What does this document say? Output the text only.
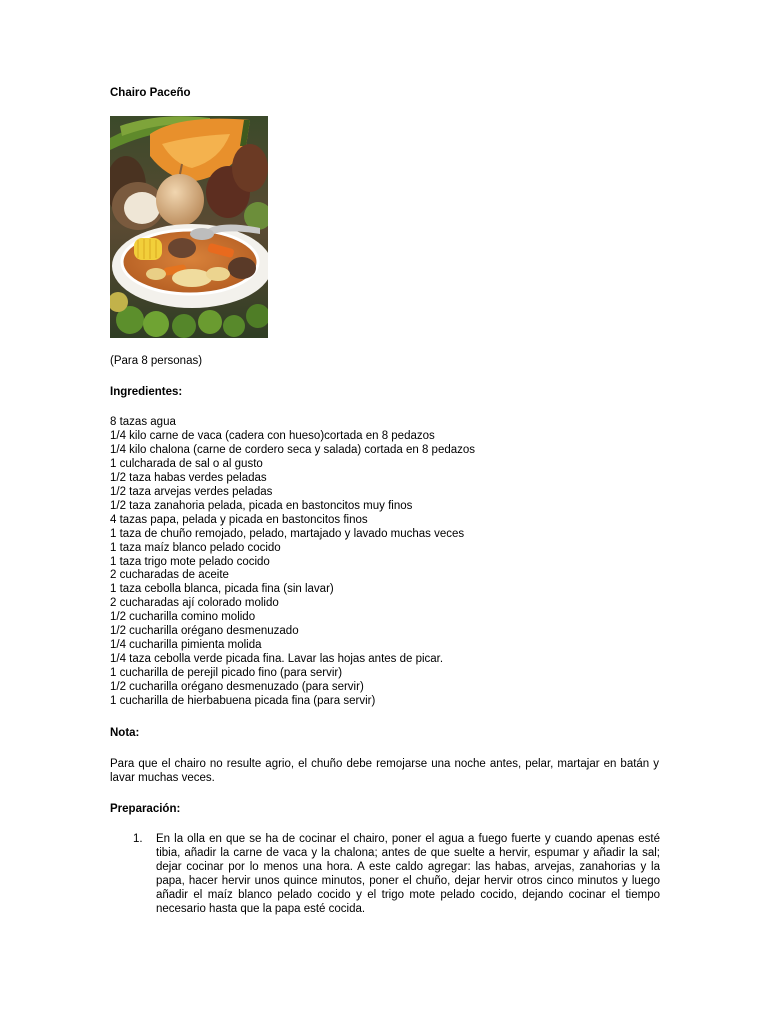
Chairo Paceño
(Para 8 personas)
Ingredientes:
8 tazas agua
1/4 kilo carne de vaca (cadera con hueso)cortada en 8 pedazos
1/4 kilo chalona (carne de cordero seca y salada) cortada en 8 pedazos
1 culcharada de sal o al gusto
1/2 taza habas verdes peladas
1/2 taza arvejas verdes peladas
1/2 taza zanahoria pelada, picada en bastoncitos muy finos
4 tazas papa, pelada y picada en bastoncitos finos
1 taza de chuño remojado, pelado, martajado y lavado muchas veces
1 taza maíz blanco pelado cocido
1 taza trigo mote pelado cocido
2 cucharadas de aceite
1 taza cebolla blanca, picada fina (sin lavar)
2 cucharadas ají colorado molido
1/2 cucharilla comino molido
1/2 cucharilla orégano desmenuzado
1/4 cucharilla pimienta molida
1/4 taza cebolla verde picada fina. Lavar las hojas antes de picar.
1 cucharilla de perejil picado fino (para servir)
1/2 cucharilla orégano desmenuzado (para servir)
1 cucharilla de hierbabuena picada fina (para servir)
Nota:

Para que el chairo no resulte agrio, el chuño debe remojarse una noche antes, pelar, martajar en batán y lavar muchas veces.

Preparación:
1. En la olla en que se ha de cocinar el chairo, poner el agua a fuego fuerte y cuando apenas esté tibia, añadir la carne de vaca y la chalona; antes de que suelte a hervir, espumar y añadir la sal; dejar cocinar por lo menos una hora. A este caldo agregar: las habas, arvejas, zanahorias y la papa, hacer hervir unos quince minutos, poner el chuño, dejar hervir otros cinco minutos y luego añadir el maíz blanco pelado cocido y el trigo mote pelado cocido, dejando cocinar el tiempo necesario hasta que la papa esté cocida.
